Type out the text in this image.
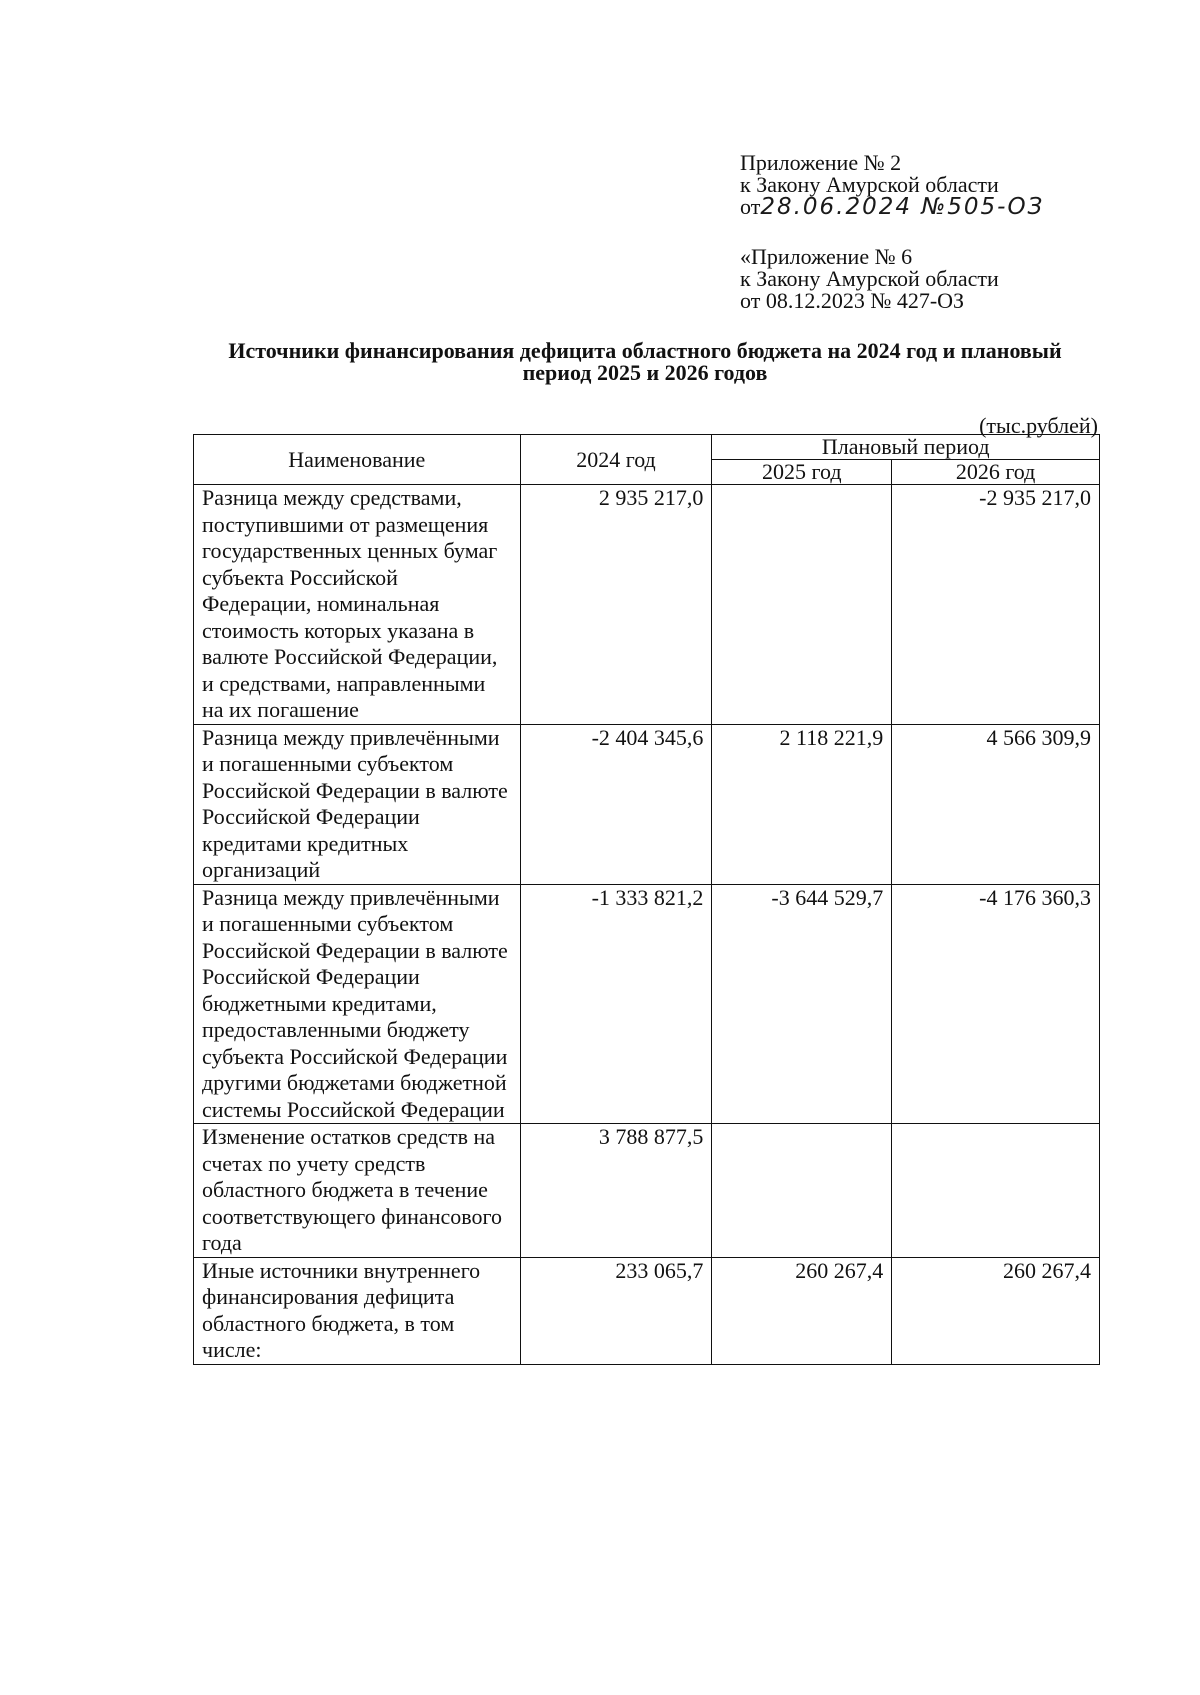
Приложение № 2
к Закону Амурской области
от28.06.2024 №505-ОЗ
«Приложение № 6
к Закону Амурской области
от 08.12.2023 № 427-ОЗ
Источники финансирования дефицита областного бюджета на 2024 год и плановый
период 2025 и 2026 годов
(тыс.рублей)
Наименование	2024 год	Плановый период	
		2025 год	2026 год
Разница между средствами, поступившими от размещения государственных ценных бумаг субъекта Российской Федерации, номинальная стоимость которых указана в валюте Российской Федерации, и средствами, направленными на их погашение	2 935 217,0		-2 935 217,0
Разница между привлечёнными и погашенными субъектом Российской Федерации в валюте Российской Федерации кредитами кредитных организаций	-2 404 345,6	2 118 221,9	4 566 309,9
Разница между привлечёнными и погашенными субъектом Российской Федерации в валюте Российской Федерации бюджетными кредитами, предоставленными бюджету субъекта Российской Федерации другими бюджетами бюджетной системы Российской Федерации	-1 333 821,2	-3 644 529,7	-4 176 360,3
Изменение остатков средств на счетах по учету средств областного бюджета в течение соответствующего финансового года	3 788 877,5		
Иные источники внутреннего финансирования дефицита областного бюджета, в том числе:	233 065,7	260 267,4	260 267,4
